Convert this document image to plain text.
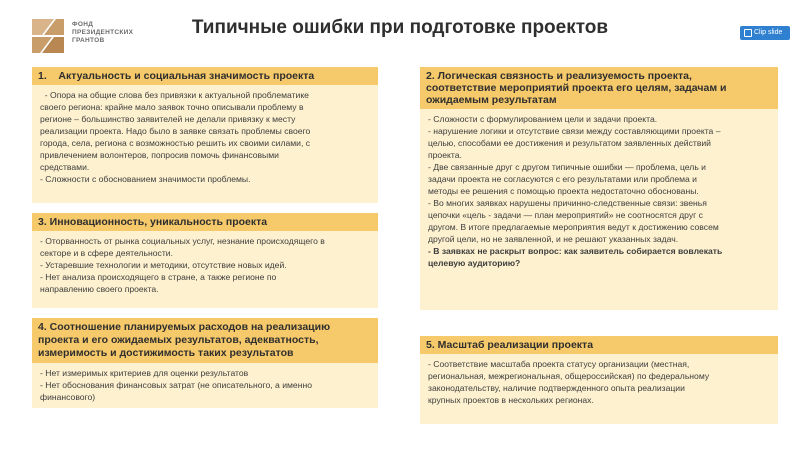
ФОНД
ПРЕЗИДЕНТСКИХ
ГРАНТОВ
Типичные ошибки при подготовке проектов	Clip slide
1.    Актуальность и социальная значимость проекта
- Опора на общие слова без привязки к актуальной проблематике
своего региона: крайне мало заявок точно описывали проблему в
регионе – большинство заявителей не делали привязку к месту
реализации проекта. Надо было в заявке связать проблемы своего
города, села, региона с возможностью решить их своими силами, с
привлечением волонтеров, попросив помочь финансовыми
средствами.
- Сложности с обоснованием значимости проблемы.
2. Логическая связность и реализуемость проекта,
соответствие мероприятий проекта его целям, задачам и
ожидаемым результатам
- Сложности с формулированием цели и задачи проекта.
- нарушение логики и отсутствие связи между составляющими проекта –
целью, способами ее достижения и результатом заявленных действий
проекта.
- Две связанные друг с другом типичные ошибки — проблема, цель и
задачи проекта не согласуются с его результатами или проблема и
методы ее решения с помощью проекта недостаточно обоснованы.
- Во многих заявках нарушены причинно-следственные связи: звенья
цепочки «цель - задачи — план мероприятий» не соотносятся друг с
другом. В итоге предлагаемые мероприятия ведут к достижению совсем
другой цели, но не заявленной, и не решают указанных задач.
- В заявках не раскрыт вопрос: как заявитель собирается вовлекать
целевую аудиторию?
3. Инновационность, уникальность проекта
- Оторванность от рынка социальных услуг, незнание происходящего в
секторе и в сфере деятельности.
- Устаревшие технологии и методики, отсутствие новых идей.
- Нет анализа происходящего в стране, а также регионе по
направлению своего проекта.
4. Соотношение планируемых расходов на реализацию
проекта и его ожидаемых результатов, адекватность,
измеримость и достижимость таких результатов
- Нет измеримых критериев для оценки результатов
- Нет обоснования финансовых затрат (не описательного, а именно
финансового)
5. Масштаб реализации проекта
- Соответствие масштаба проекта статусу организации (местная,
региональная, межрегиональная, общероссийская) по федеральному
законодательству, наличие подтвержденного опыта реализации
крупных проектов в нескольких регионах.
